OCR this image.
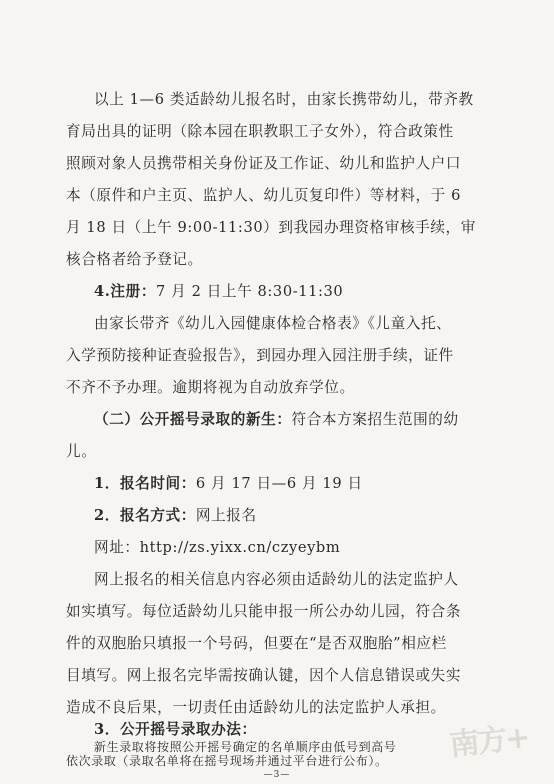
以上 1—6 类适龄幼儿报名时，由家长携带幼儿，带齐教
育局出具的证明（除本园在职教职工子女外），符合政策性
照顾对象人员携带相关身份证及工作证、幼儿和监护人户口
本（原件和户主页、监护人、幼儿页复印件）等材料，于 6
月 18 日（上午 9:00-11:30）到我园办理资格审核手续，审
核合格者给予登记。
4.注册：7 月 2 日上午 8:30-11:30
由家长带齐《幼儿入园健康体检合格表》《儿童入托、
入学预防接种证查验报告》，到园办理入园注册手续，证件
不齐不予办理。逾期将视为自动放弃学位。
（二）公开摇号录取的新生：符合本方案招生范围的幼
儿。
1．报名时间：6 月 17 日—6 月 19 日
2．报名方式：网上报名
网址：http://zs.yixx.cn/czyeybm
网上报名的相关信息内容必须由适龄幼儿的法定监护人
如实填写。每位适龄幼儿只能申报一所公办幼儿园，符合条
件的双胞胎只填报一个号码，但要在“是否双胞胎”相应栏
目填写。网上报名完毕需按确认键，因个人信息错误或失实
造成不良后果，一切责任由适龄幼儿的法定监护人承担。
3．公开摇号录取办法：
新生录取将按照公开摇号确定的名单顺序由低号到高号
依次录取（录取名单将在摇号现场并通过平台进行公布）。
—3—
南方+
